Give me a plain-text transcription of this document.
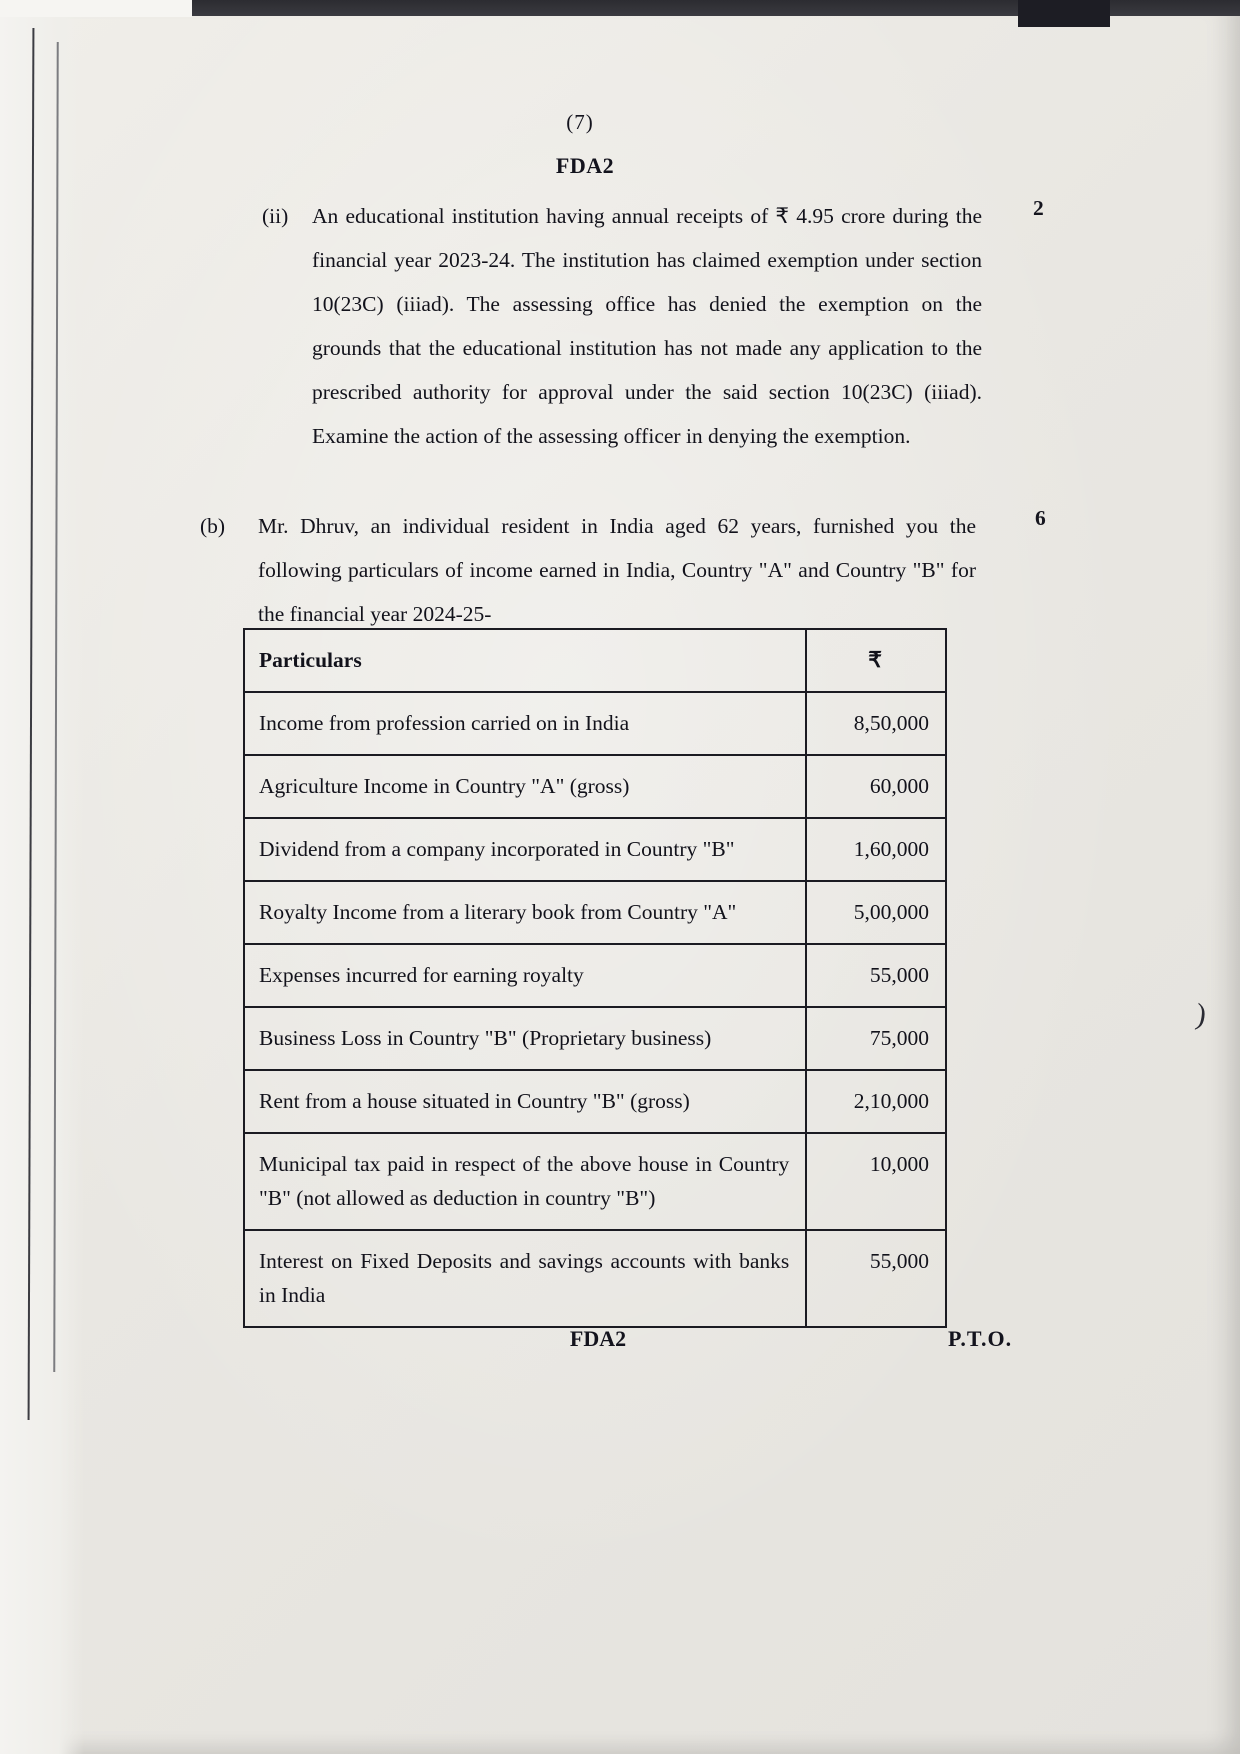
)
(7)
FDA2
(ii)	An educational institution having annual receipts of ₹ 4.95 crore during the financial year 2023-24. The institution has claimed exemption under section 10(23C) (iiiad). The assessing office has denied the exemption on the grounds that the educational institution has not made any application to the prescribed authority for approval under the said section 10(23C) (iiiad). Examine the action of the assessing officer in denying the exemption.
2
(b)	Mr. Dhruv, an individual resident in India aged 62 years, furnished you the following particulars of income earned in India, Country "A" and Country "B" for the financial year 2024-25-
6
Particulars	₹
Income from profession carried on in India	8,50,000
Agriculture Income in Country "A" (gross)	60,000
Dividend from a company incorporated in Country "B"	1,60,000
Royalty Income from a literary book from Country "A"	5,00,000
Expenses incurred for earning royalty	55,000
Business Loss in Country "B" (Proprietary business)	75,000
Rent from a house situated in Country "B" (gross)	2,10,000
Municipal tax paid in respect of the above house in Country "B" (not allowed as deduction in country "B")	10,000
Interest on Fixed Deposits and savings accounts with banks in India	55,000
FDA2	P.T.O.
